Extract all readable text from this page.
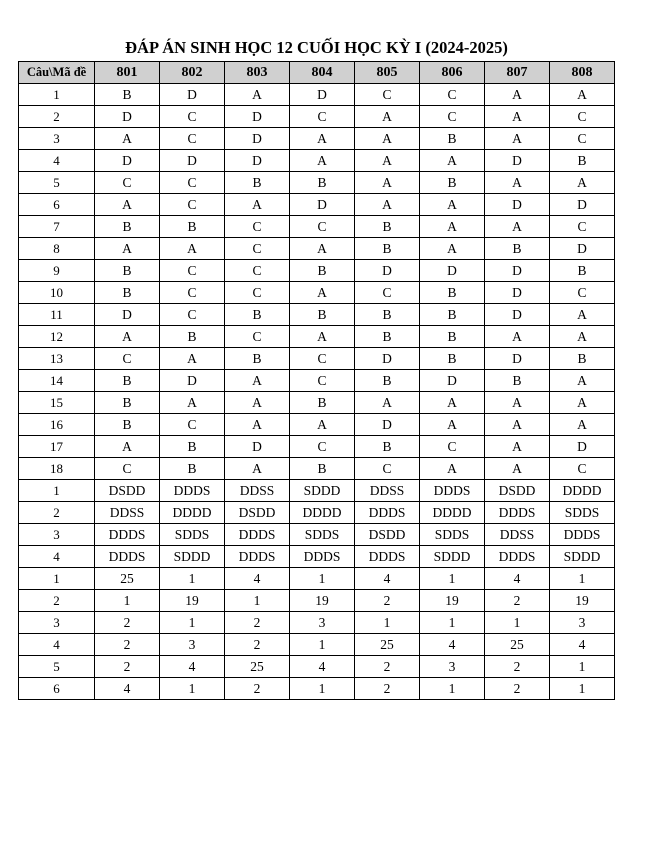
ĐÁP ÁN SINH HỌC 12 CUỐI HỌC KỲ I (2024-2025)
Câu\Mã đề	801	802	803	804	805	806	807	808
1	B	D	A	D	C	C	A	A
2	D	C	D	C	A	C	A	C
3	A	C	D	A	A	B	A	C
4	D	D	D	A	A	A	D	B
5	C	C	B	B	A	B	A	A
6	A	C	A	D	A	A	D	D
7	B	B	C	C	B	A	A	C
8	A	A	C	A	B	A	B	D
9	B	C	C	B	D	D	D	B
10	B	C	C	A	C	B	D	C
11	D	C	B	B	B	B	D	A
12	A	B	C	A	B	B	A	A
13	C	A	B	C	D	B	D	B
14	B	D	A	C	B	D	B	A
15	B	A	A	B	A	A	A	A
16	B	C	A	A	D	A	A	A
17	A	B	D	C	B	C	A	D
18	C	B	A	B	C	A	A	C
1	DSDD	DDDS	DDSS	SDDD	DDSS	DDDS	DSDD	DDDD
2	DDSS	DDDD	DSDD	DDDD	DDDS	DDDD	DDDS	SDDS
3	DDDS	SDDS	DDDS	SDDS	DSDD	SDDS	DDSS	DDDS
4	DDDS	SDDD	DDDS	DDDS	DDDS	SDDD	DDDS	SDDD
1	25	1	4	1	4	1	4	1
2	1	19	1	19	2	19	2	19
3	2	1	2	3	1	1	1	3
4	2	3	2	1	25	4	25	4
5	2	4	25	4	2	3	2	1
6	4	1	2	1	2	1	2	1
